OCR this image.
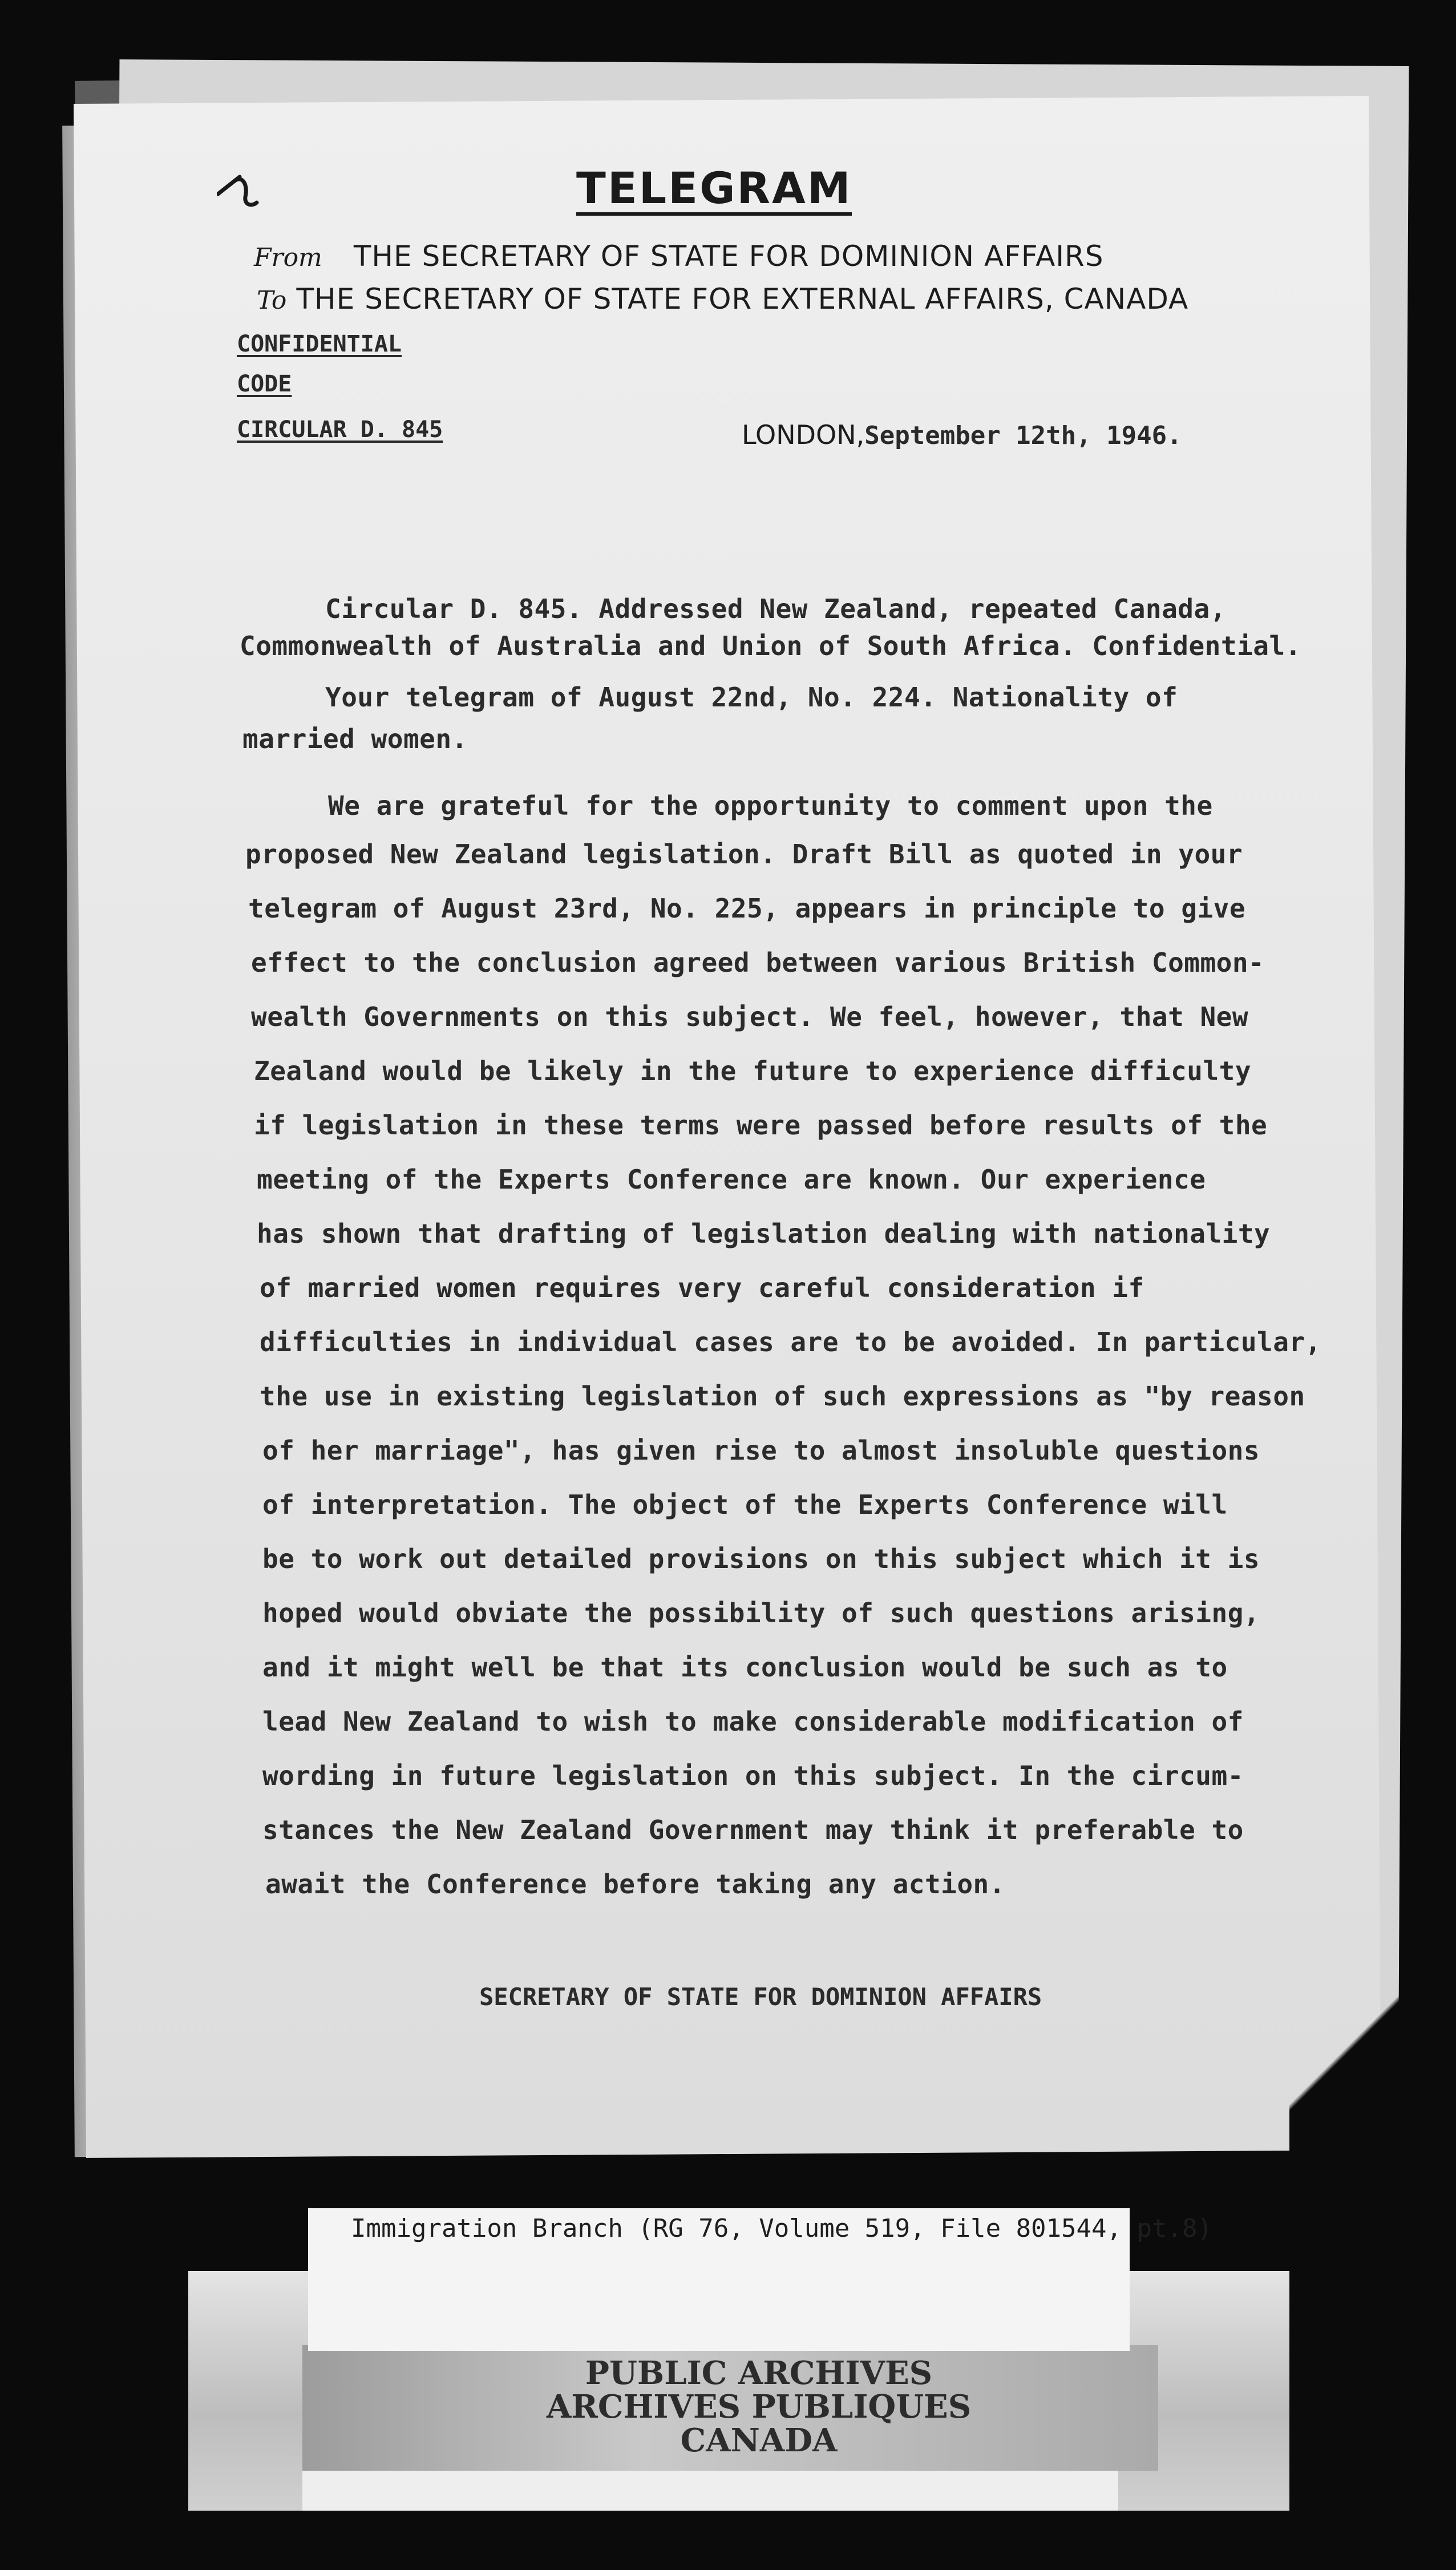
TELEGRAM
From THE SECRETARY OF STATE FOR DOMINION AFFAIRS
To THE SECRETARY OF STATE FOR EXTERNAL AFFAIRS, CANADA
CONFIDENTIAL
CODE
CIRCULAR D. 845	LONDON,September 12th, 1946.
Circular D. 845. Addressed New Zealand, repeated Canada,
Commonwealth of Australia and Union of South Africa. Confidential.
Your telegram of August 22nd, No. 224. Nationality of
married women.
We are grateful for the opportunity to comment upon the
proposed New Zealand legislation. Draft Bill as quoted in your
telegram of August 23rd, No. 225, appears in principle to give
effect to the conclusion agreed between various British Common-
wealth Governments on this subject. We feel, however, that New
Zealand would be likely in the future to experience difficulty
if legislation in these terms were passed before results of the
meeting of the Experts Conference are known. Our experience
has shown that drafting of legislation dealing with nationality
of married women requires very careful consideration if
difficulties in individual cases are to be avoided. In particular,
the use in existing legislation of such expressions as "by reason
of her marriage", has given rise to almost insoluble questions
of interpretation. The object of the Experts Conference will
be to work out detailed provisions on this subject which it is
hoped would obviate the possibility of such questions arising,
and it might well be that its conclusion would be such as to
lead New Zealand to wish to make considerable modification of
wording in future legislation on this subject. In the circum-
stances the New Zealand Government may think it preferable to
await the Conference before taking any action.
SECRETARY OF STATE FOR DOMINION AFFAIRS
Immigration Branch (RG 76, Volume 519, File 801544, pt.8)
PUBLIC ARCHIVES
ARCHIVES PUBLIQUES
CANADA
